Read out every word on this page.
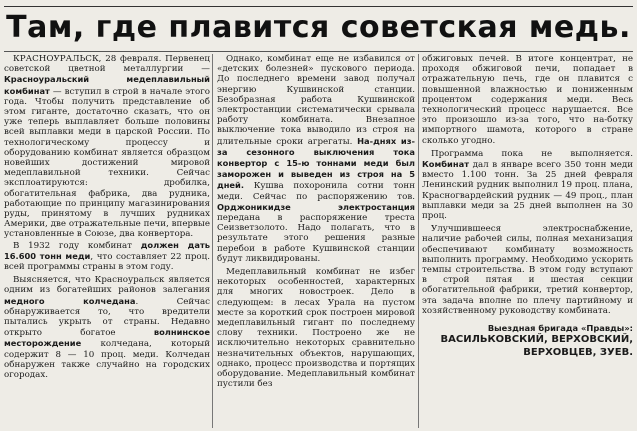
Там, где плавится советская медь.

КРАСНОУРАЛЬСК, 28 февраля. Первенец советской цветной металлургии — Красноуральский медеплавильный комбинат — вступил в строй в начале этого года. Чтобы получить представление об этом гиганте, достаточно сказать, что он уже теперь выплавляет больше половины всей выплавки меди в царской России. По технологическому процессу и оборудованию комбинат является образцом новейших достижений мировой медеплавильной техники. Сейчас эксплоатируются: дробилка, обогатительная фабрика, два рудника, работающие по принципу магазинирования руды, принятому в лучших рудниках Америки, две отражательные печи, впервые установленные в Союзе, два конвертора.

В 1932 году комбинат должен дать 16.600 тонн меди, что составляет 22 проц. всей программы страны в этом году.

Выясняется, что Красноуральск является одним из богатейших районов залегания медного колчедана. Сейчас обнаруживается то, что вредители пытались укрыть от страны. Недавно открыто богатое волнинское месторождение колчедана, который содержит 8 — 10 проц. меди. Колчедан обнаружен также случайно на городских огородах.

Однако, комбинат еще не избавился от «детских болезней» пускового периода. До последнего времени завод получал энергию Кушвинской станции. Безобразная работа Кушвинской электростанции систематически срывала работу комбината. Внезапное выключение тока выводило из строя на длительные сроки агрегаты. На-днях из-за сезонного выключения тока конвертор с 15-ю тоннами меди был заморожен и выведен из строя на 5 дней. Кушва похоронила сотни тонн меди. Сейчас по распоряжению тов. Орджоникидзе электростанция передана в распоряжение треста Сеизветзолото. Надо полагать, что в результате этого решения разные перебои в работе Кушвинской станции будут ликвидированы.

Медеплавильный комбинат не избег некоторых особенностей, характерных для многих новостроек. Дело в следующем: в лесах Урала на пустом месте за короткий срок построен мировой медеплавильный гигант по последнему слову техники. Построено же не исключительно некоторых сравнительно незначительных объектов, нарушающих, однако, процесс производства и портящих оборудование. Медеплавильный комбинат пустили без

обжиговых печей. В итоге концентрат, не проходя обжиговой печи, попадает в отражательную печь, где он плавится с повышенной влажностью и пониженным процентом содержания меди. Весь технологический процесс нарушается. Все это произошло из-за того, что на-ботку импортного шамота, которого в стране сколько угодно.

Программа пока не выполняется. Комбинат дал в январе всего 350 тонн меди вместо 1.100 тонн. За 25 дней февраля Ленинский рудник выполнил 19 проц. плана, Красногвардейский рудник — 49 проц., план выплавки меди за 25 дней выполнен на 30 проц.

Улучшившееся электроснабжение, наличие рабочей силы, полная механизация обеспечивают комбинату возможность выполнить программу. Необходимо ускорить темпы строительства. В этом году вступают в строй пятая и шестая секции обогатительной фабрики, третий конвертор, эта задача вполне по плечу партийному и хозяйственному руководству комбината.

Выездная бригада «Правды»:
ВАСИЛЬКОВСКИЙ, ВЕРХОВСКИЙ,
ВЕРХОВЦЕВ, ЗУЕВ.
